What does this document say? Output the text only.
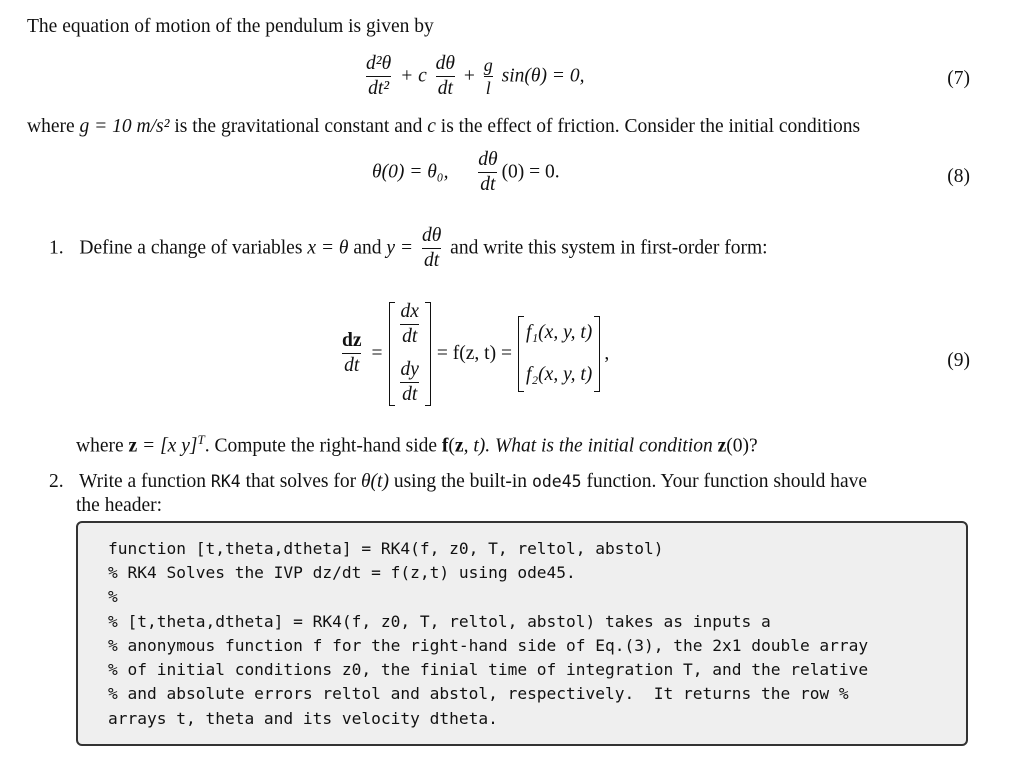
The equation of motion of the pendulum is given by
$\frac{\text{d²θ}}{\text{dt²}} + c \frac{d\theta}{dt} + \frac{g}{l} \sin(\theta) = 0$,	(7)
where g = 10 m/s² is the gravitational constant and c is the effect of friction. Consider the initial conditions
θ(0) = θ₀, $\frac{d\theta}{dt} (0) = 0$.	(8)
1. Define a change of variables x = θ and $y = \frac{d\theta}{dt}$ and write this system in first-order form:
$\frac{dz}{dt}$ =
$\frac{dx}{dt}$
$\frac{dy}{dt}$
= f(z, t) =
f₁(x, y, t)
f₂(x, y, t)
,	(9)
where z = [x y]$^T$. Compute the right-hand side f(z, t). What is the initial condition z(0)?
2. Write a function RK4 that solves for θ(t) using the built-in ode45 function. Your function should have
the header:
function [t,theta,dtheta] = RK4(f, z0, T, reltol, abstol)
% RK4 Solves the IVP dz/dt = f(z,t) using ode45.
%
% [t,theta,dtheta] = RK4(f, z0, T, reltol, abstol) takes as inputs a
% anonymous function f for the right-hand side of Eq.(3), the 2x1 double array
% of initial conditions z0, the finial time of integration T, and the relative
% and absolute errors reltol and abstol, respectively.  It returns the row %
arrays t, theta and its velocity dtheta.
